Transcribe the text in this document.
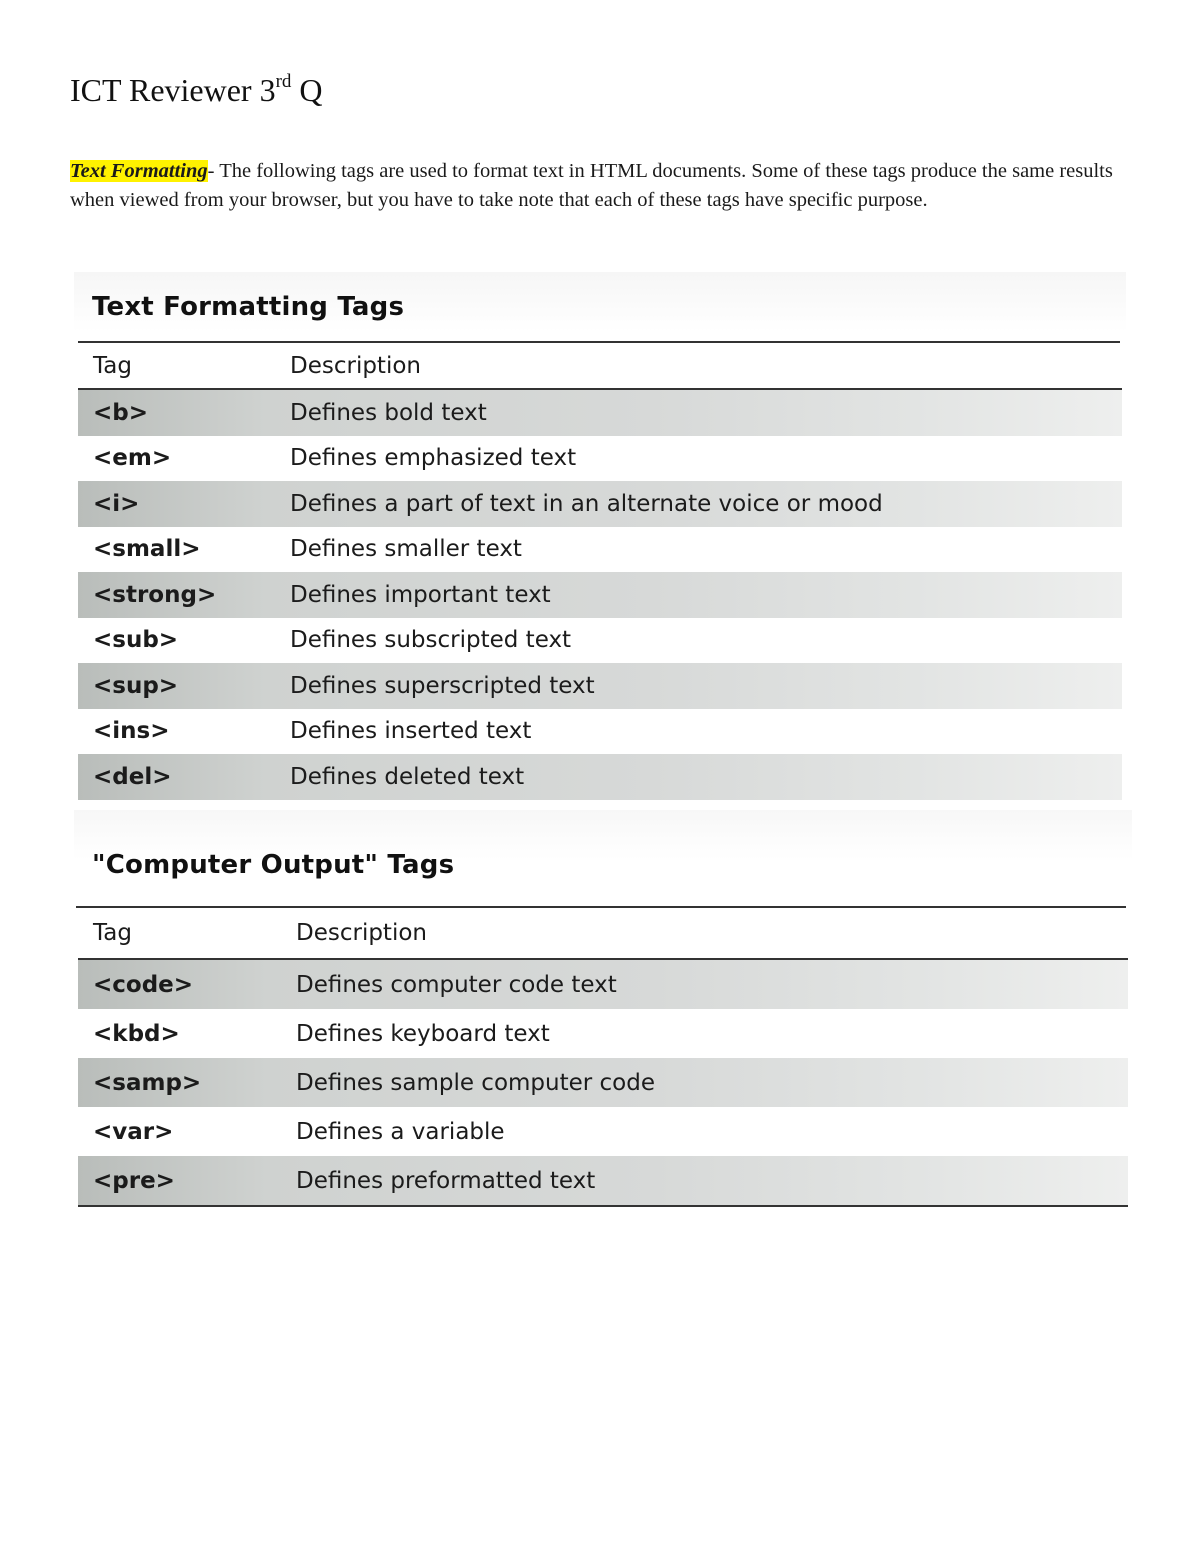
ICT Reviewer 3rd Q
Text Formatting- The following tags are used to format text in HTML documents. Some of these tags produce the same results when viewed from your browser, but you have to take note that each of these tags have specific purpose.
Text Formatting Tags
Tag	Description
<b>	Defines bold text
<em>	Defines emphasized text
<i>	Defines a part of text in an alternate voice or mood
<small>	Defines smaller text
<strong>	Defines important text
<sub>	Defines subscripted text
<sup>	Defines superscripted text
<ins>	Defines inserted text
<del>	Defines deleted text
"Computer Output" Tags
Tag	Description
<code>	Defines computer code text
<kbd>	Defines keyboard text
<samp>	Defines sample computer code
<var>	Defines a variable
<pre>	Defines preformatted text
